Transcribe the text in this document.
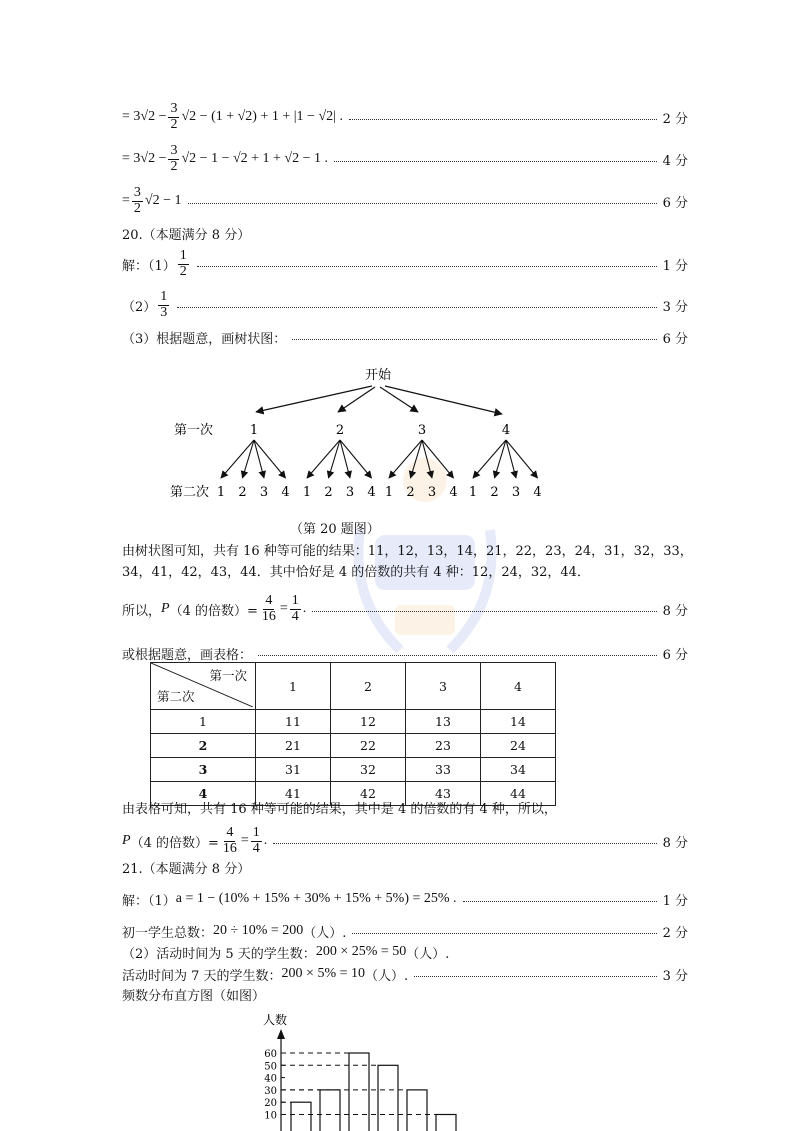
= $3√2 - \frac{3}{2} √2 - (1 + √2) + 1 + |1 - √2|$ .	2 分
= $3√2 - \frac{3}{2} √2 - 1 - √2 + 1 + √2 - 1$ .	4 分
= $\frac{3}{2} √2 - 1$	6 分
20.（本题满分 8 分）
解：$(1) \frac{1}{2}$	1 分
$(2) \frac{1}{3}$	3 分
（3）根据题意，画树状图：	6 分
开始
第一次
第二次
1	2	3	4
1 2 3 4 1 2 3 4 1 2 3 4 1 2 3 4
（第 20 题图）
由树状图可知，共有 16 种等可能的结果：11，12，13，14，21，22，23，24，31，32，33，
34，41，42，43，44．其中恰好是 4 的倍数的共有 4 种：12，24，32，44．
所以， P （4 的倍数）= $\frac{4}{16} = \frac{1}{4}$ .	8 分
或根据题意，画表格：	6 分
第一次
第二次	1	2	3	4
1	11	12	13	14
2	21	22	23	24
3	31	32	33	34
4	41	42	43	44
由表格可知，共有 16 种等可能的结果，其中是 4 的倍数的有 4 种，所以，
P （4 的倍数）= $\frac{4}{16} = \frac{1}{4}$ .	8 分
21.（本题满分 8 分）
解：（1） a = 1 − (10% + 15% + 30% + 15% + 5%) = 25% .	1 分
初一学生总数： 20 ÷ 10% = 200 （人）.	2 分
（2）活动时间为 5 天的学生数： 200 × 25% = 50 （人）.
活动时间为 7 天的学生数： 200 × 5% = 10 （人）.	3 分
频数分布直方图（如图）
人数
60
50
40
30
20
10
